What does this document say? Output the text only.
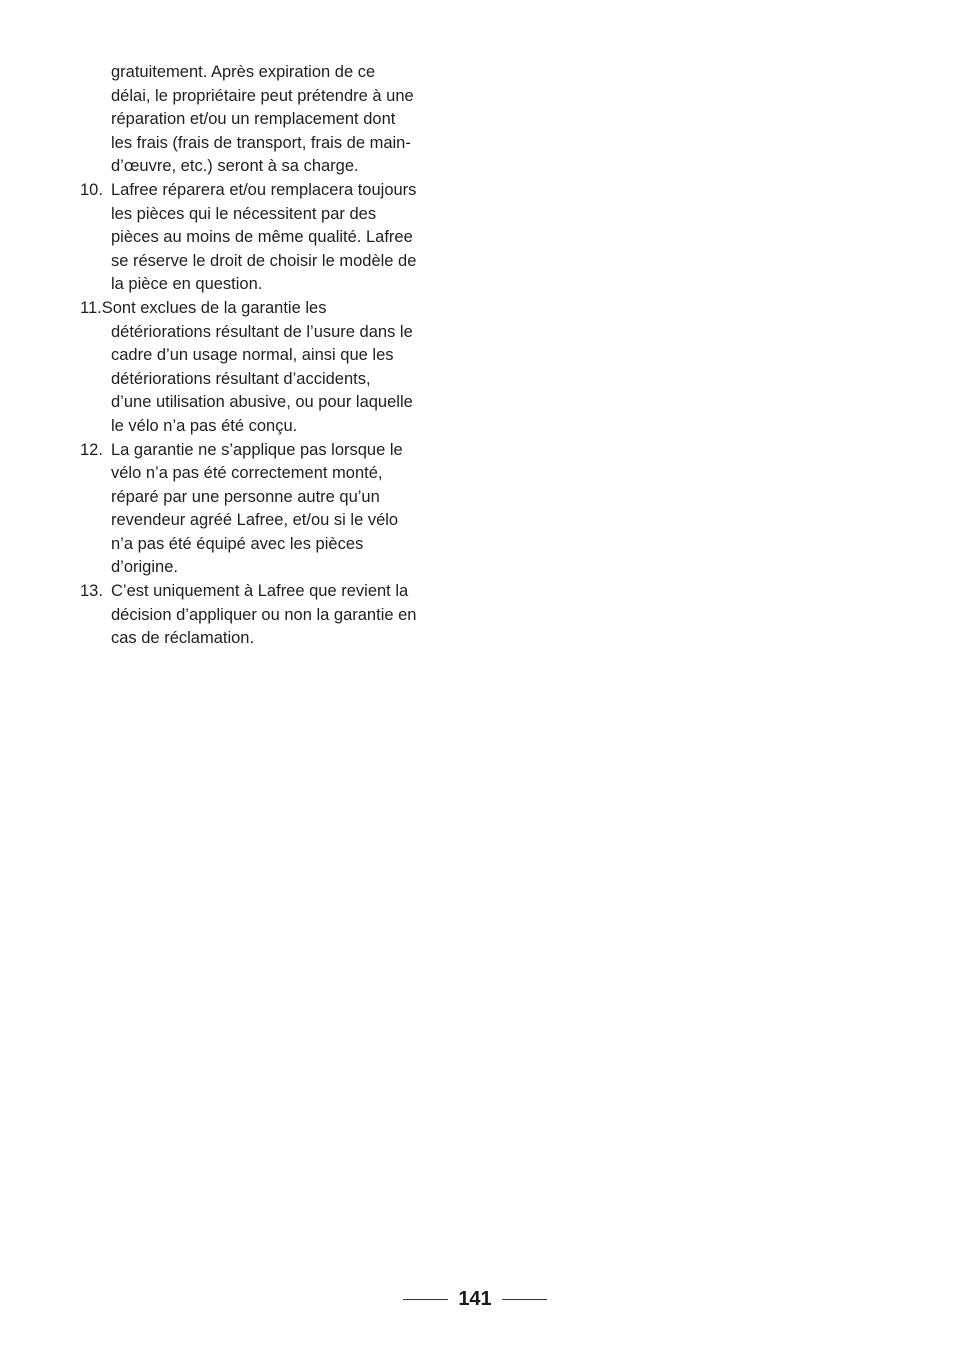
gratuitement. Après expiration de ce
délai, le propriétaire peut prétendre à une
réparation et/ou un remplacement dont
les frais (frais de transport, frais de main-
d’œuvre, etc.) seront à sa charge.
10. Lafree réparera et/ou remplacera toujours
les pièces qui le nécessitent par des
pièces au moins de même qualité. Lafree
se réserve le droit de choisir le modèle de
la pièce en question.
11. Sont exclues de la garantie les
détériorations résultant de l’usure dans le
cadre d’un usage normal, ainsi que les
détériorations résultant d’accidents,
d’une utilisation abusive, ou pour laquelle
le vélo n’a pas été conçu.
12. La garantie ne s’applique pas lorsque le
vélo n’a pas été correctement monté,
réparé par une personne autre qu’un
revendeur agréé Lafree, et/ou si le vélo
n’a pas été équipé avec les pièces
d’origine.
13. C’est uniquement à Lafree que revient la
décision d’appliquer ou non la garantie en
cas de réclamation.
141
